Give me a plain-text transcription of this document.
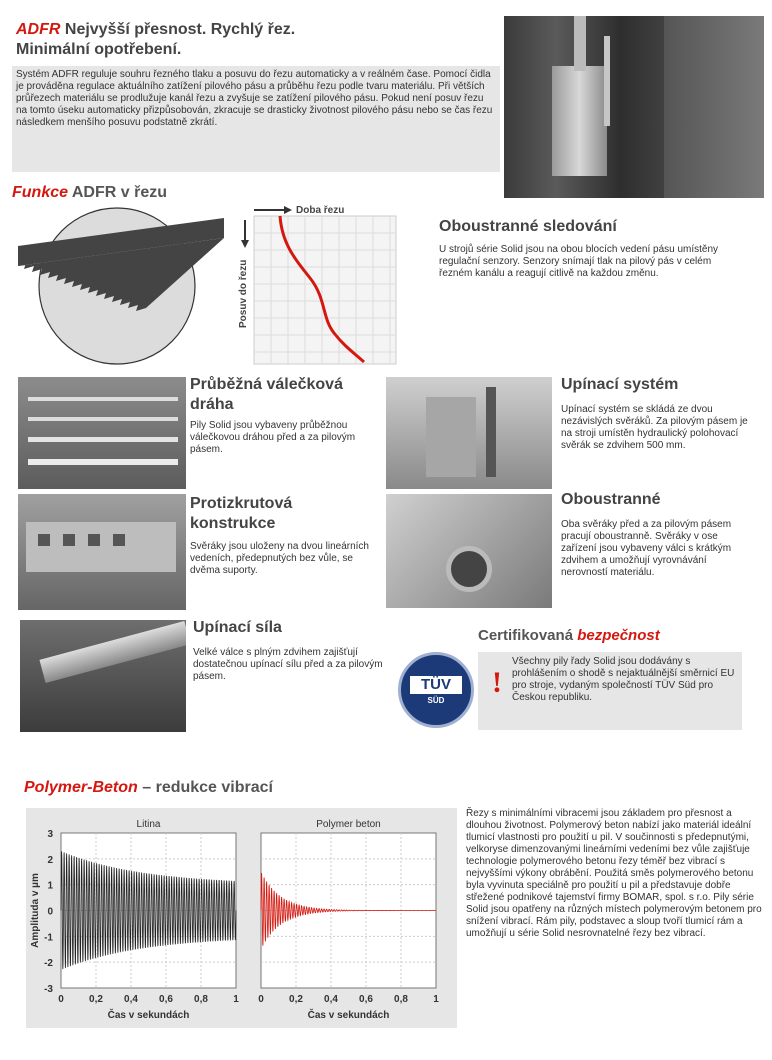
ADFR Nejvyšší přesnost. Rychlý řez.
Minimální opotřebení.
Systém ADFR reguluje souhru řezného tlaku a posuvu do řezu automaticky a v reálném čase. Pomocí čidla je prováděna regulace aktuálního zatížení pilového pásu a průběhu řezu podle tvaru materiálu. Při větších průřezech materiálu se prodlužuje kanál řezu a zvyšuje se zatížení pilového pásu. Pokud není posuv řezu na tomto úseku automaticky přizpůsobován, zkracuje se drasticky životnost pilového pásu nebo se čas řezu následkem menšího posuvu podstatně zkrátí.
Funkce ADFR v řezu
Doba řezu
Posuv do řezu
Oboustranné sledování
U strojů série Solid jsou na obou blocích vedení pásu umístěny regulační senzory. Senzory snímají tlak na pilový pás v celém řezném kanálu a reagují citlivě na každou změnu.
Průběžná válečková dráha
Pily Solid jsou vybaveny průběžnou válečkovou dráhou před a za pilovým pásem.
Upínací systém
Upínací systém se skládá ze dvou nezávislých svěráků. Za pilovým pásem je na stroji umístěn hydraulický polohovací svěrák se zdvihem 500 mm.
Protizkrutová konstrukce
Svěráky jsou uloženy na dvou lineárních vedeních, předepnutých bez vůle, se dvěma suporty.
Oboustranné
Oba svěráky před a za pilovým pásem pracují oboustranně. Svěráky v ose zařízení jsou vybaveny válci s krátkým zdvihem a umožňují vyrovnávání nerovností materiálu.
Upínací síla
Velké válce s plným zdvihem zajišťují dostatečnou upínací sílu před a za pilovým pásem.
Certifikovaná bezpečnost
TÜV
SÜD
!
Všechny pily řady Solid jsou dodávány s prohlášením o shodě s nejaktuálnější směrnicí EU pro stroje, vydaným společností TÜV Süd pro Českou republiku.
Polymer-Beton – redukce vibrací
Litina
0	0,2 0,4 0,6 0,8	1
Čas v sekundách
3
2
1
0
-1
-2
-3
Amplituda v µm
Polymer beton
0	0,2 0,4 0,6 0,8	1
Čas v sekundách
Řezy s minimálními vibracemi jsou základem pro přesnost a dlouhou životnost. Polymerový beton nabízí jako materiál ideální tlumicí vlastnosti pro použití u pil. V součinnosti s předepnutými, velkoryse dimenzovanými lineárními vedeními bez vůle zajišťuje technologie polymerového betonu řezy téměř bez vibrací s nejvyššími výkony obrábění. Použitá směs polymerového betonu byla vyvinuta speciálně pro použití u pil a představuje dobře střežené podnikové tajemství firmy BOMAR, spol. s r.o. Pily série Solid jsou opatřeny na různých místech polymerovým betonem pro snížení vibrací. Rám pily, podstavec a sloup tvoří tlumicí rám a umožňují u série Solid nesrovnatelné řezy bez vibrací.
